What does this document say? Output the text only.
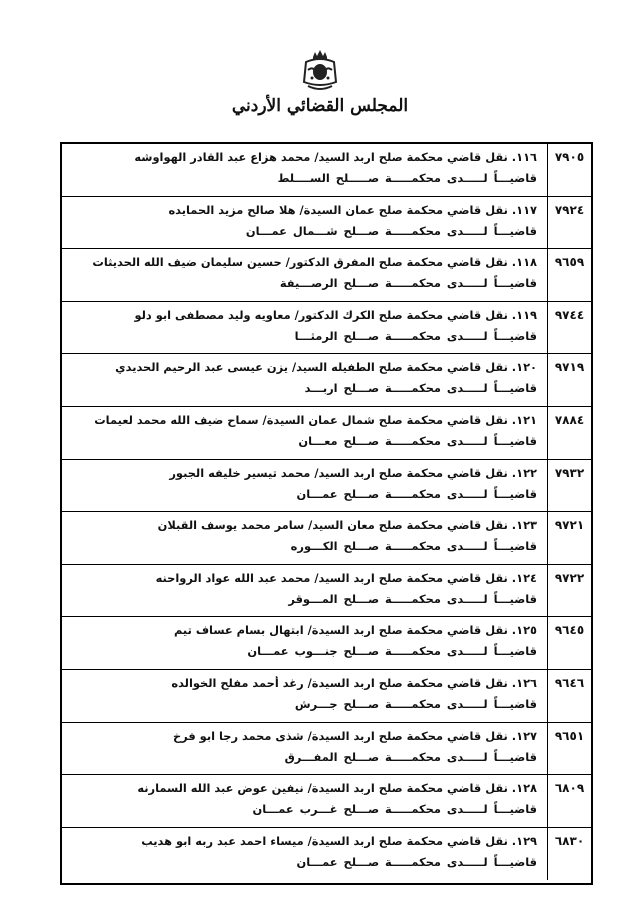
المجلس القضائي الأردني
٧٩٠٥
١١٦. نقل قاضي محكمة صلح اربد السيد/ محمد هزاع عبد القادر الهواوشه
قاضيـــاً لـــــدى محكمـــــة صـــــلح الســــلط
٧٩٢٤
١١٧. نقل قاضي محكمة صلح عمان السيدة/ هلا صالح مزيد الحمايده
قاضيـــاً لـــــدى محكمـــــة صـــلح شـــمال عمـــان
٩٦٥٩
١١٨. نقل قاضي محكمة صلح المفرق الدكتور/ حسين سليمان ضيف الله الحديثات
قاضيـــاً لـــــدى محكمـــــة صـــلح الرصـــيفة
٩٧٤٤
١١٩. نقل قاضي محكمة صلح الكرك الدكتور/ معاويه وليد مصطفى ابو دلو
قاضيـــاً لـــــدى محكمـــــة صـــلح الرمثـــا
٩٧١٩
١٢٠. نقل قاضي محكمة صلح الطفيله السيد/ يزن عيسى عبد الرحيم الحديدي
قاضيـــاً لـــــدى محكمـــــة صـــلح اربـــد
٧٨٨٤
١٢١. نقل قاضي محكمة صلح شمال عمان السيدة/ سماح ضيف الله محمد لعيمات
قاضيـــاً لـــــدى محكمـــــة صـــلح معـــان
٧٩٣٢
١٢٢. نقل قاضي محكمة صلح اربد السيد/ محمد تيسير خليفه الجبور
قاضيـــاً لـــــدى محكمـــــة صـــلح عمـــان
٩٧٢١
١٢٣. نقل قاضي محكمة صلح معان السيد/ سامر محمد يوسف القبلان
قاضيـــاً لـــــدى محكمـــــة صـــلح الكـــوره
٩٧٢٢
١٢٤. نقل قاضي محكمة صلح اربد السيد/ محمد عبد الله عواد الرواحنه
قاضيـــاً لـــــدى محكمـــــة صـــلح المـــوقر
٩٦٤٥
١٢٥. نقل قاضي محكمة صلح اربد السيدة/ ابتهال بسام عساف تيم
قاضيـــاً لـــــدى محكمـــــة صـــلح جنـــوب عمـــان
٩٦٤٦
١٢٦. نقل قاضي محكمة صلح اربد السيدة/ رغد أحمد مفلح الخوالده
قاضيـــاً لـــــدى محكمـــــة صـــلح جـــرش
٩٦٥١
١٢٧. نقل قاضي محكمة صلح اربد السيدة/ شذى محمد رجا ابو فرخ
قاضيـــاً لـــــدى محكمـــــة صـــلح المفـــرق
٦٨٠٩
١٢٨. نقل قاضي محكمة صلح اربد السيدة/ نيفين عوض عبد الله السمارنه
قاضيـــاً لـــــدى محكمـــــة صـــلح غـــرب عمـــان
٦٨٣٠
١٢٩. نقل قاضي محكمة صلح اربد السيدة/ ميساء احمد عبد ربه ابو هديب
قاضيـــاً لـــــدى محكمـــــة صـــلح عمـــان
